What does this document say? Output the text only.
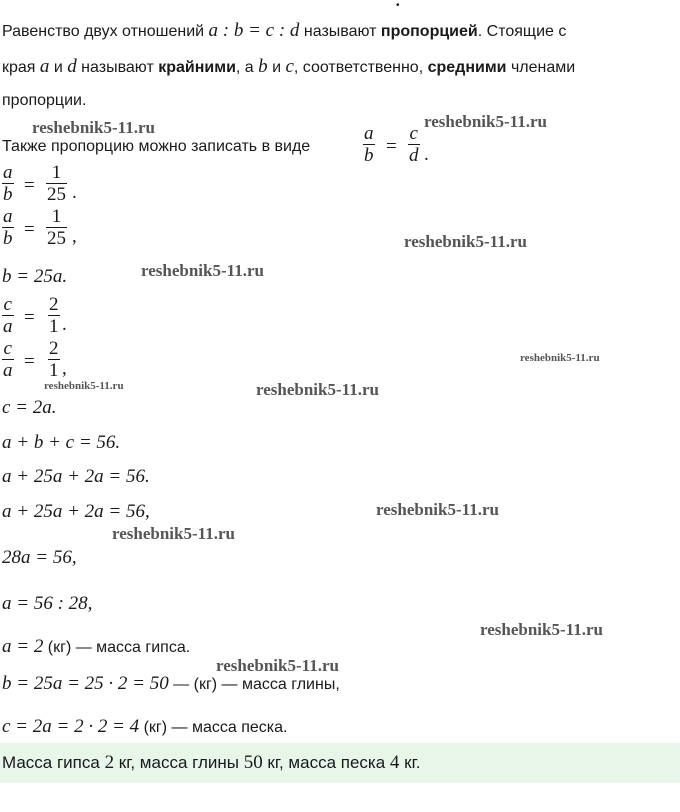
•
Равенство двух отношений a : b = c : d называют пропорцией. Стоящие с
края a и d называют крайними, а b и c, соответственно, средними членами
пропорции.
Также пропорцию можно записать в виде
a
b =
c
d .
a
b =
1
25 .
a
b =
1
25 ,
b = 25a.
c
a =
2
1 .
c
a =
2
1 ,
c = 2a.
a + b + c = 56.
a + 25a + 2a = 56.
a + 25a + 2a = 56,
28a = 56,
a = 56 : 28,
a = 2 (кг) — масса гипса.
b = 25a = 25 · 2 = 50 — (кг) — масса глины,
c = 2a = 2 · 2 = 4 (кг) — масса песка.
Масса гипса 2 кг, масса глины 50 кг, масса песка 4 кг.
reshebnik5-11.ru	reshebnik5-11.ru
reshebnik5-11.ru
reshebnik5-11.ru
reshebnik5-11.ru
reshebnik5-11.ru	reshebnik5-11.ru
reshebnik5-11.ru
reshebnik5-11.ru
reshebnik5-11.ru
reshebnik5-11.ru
